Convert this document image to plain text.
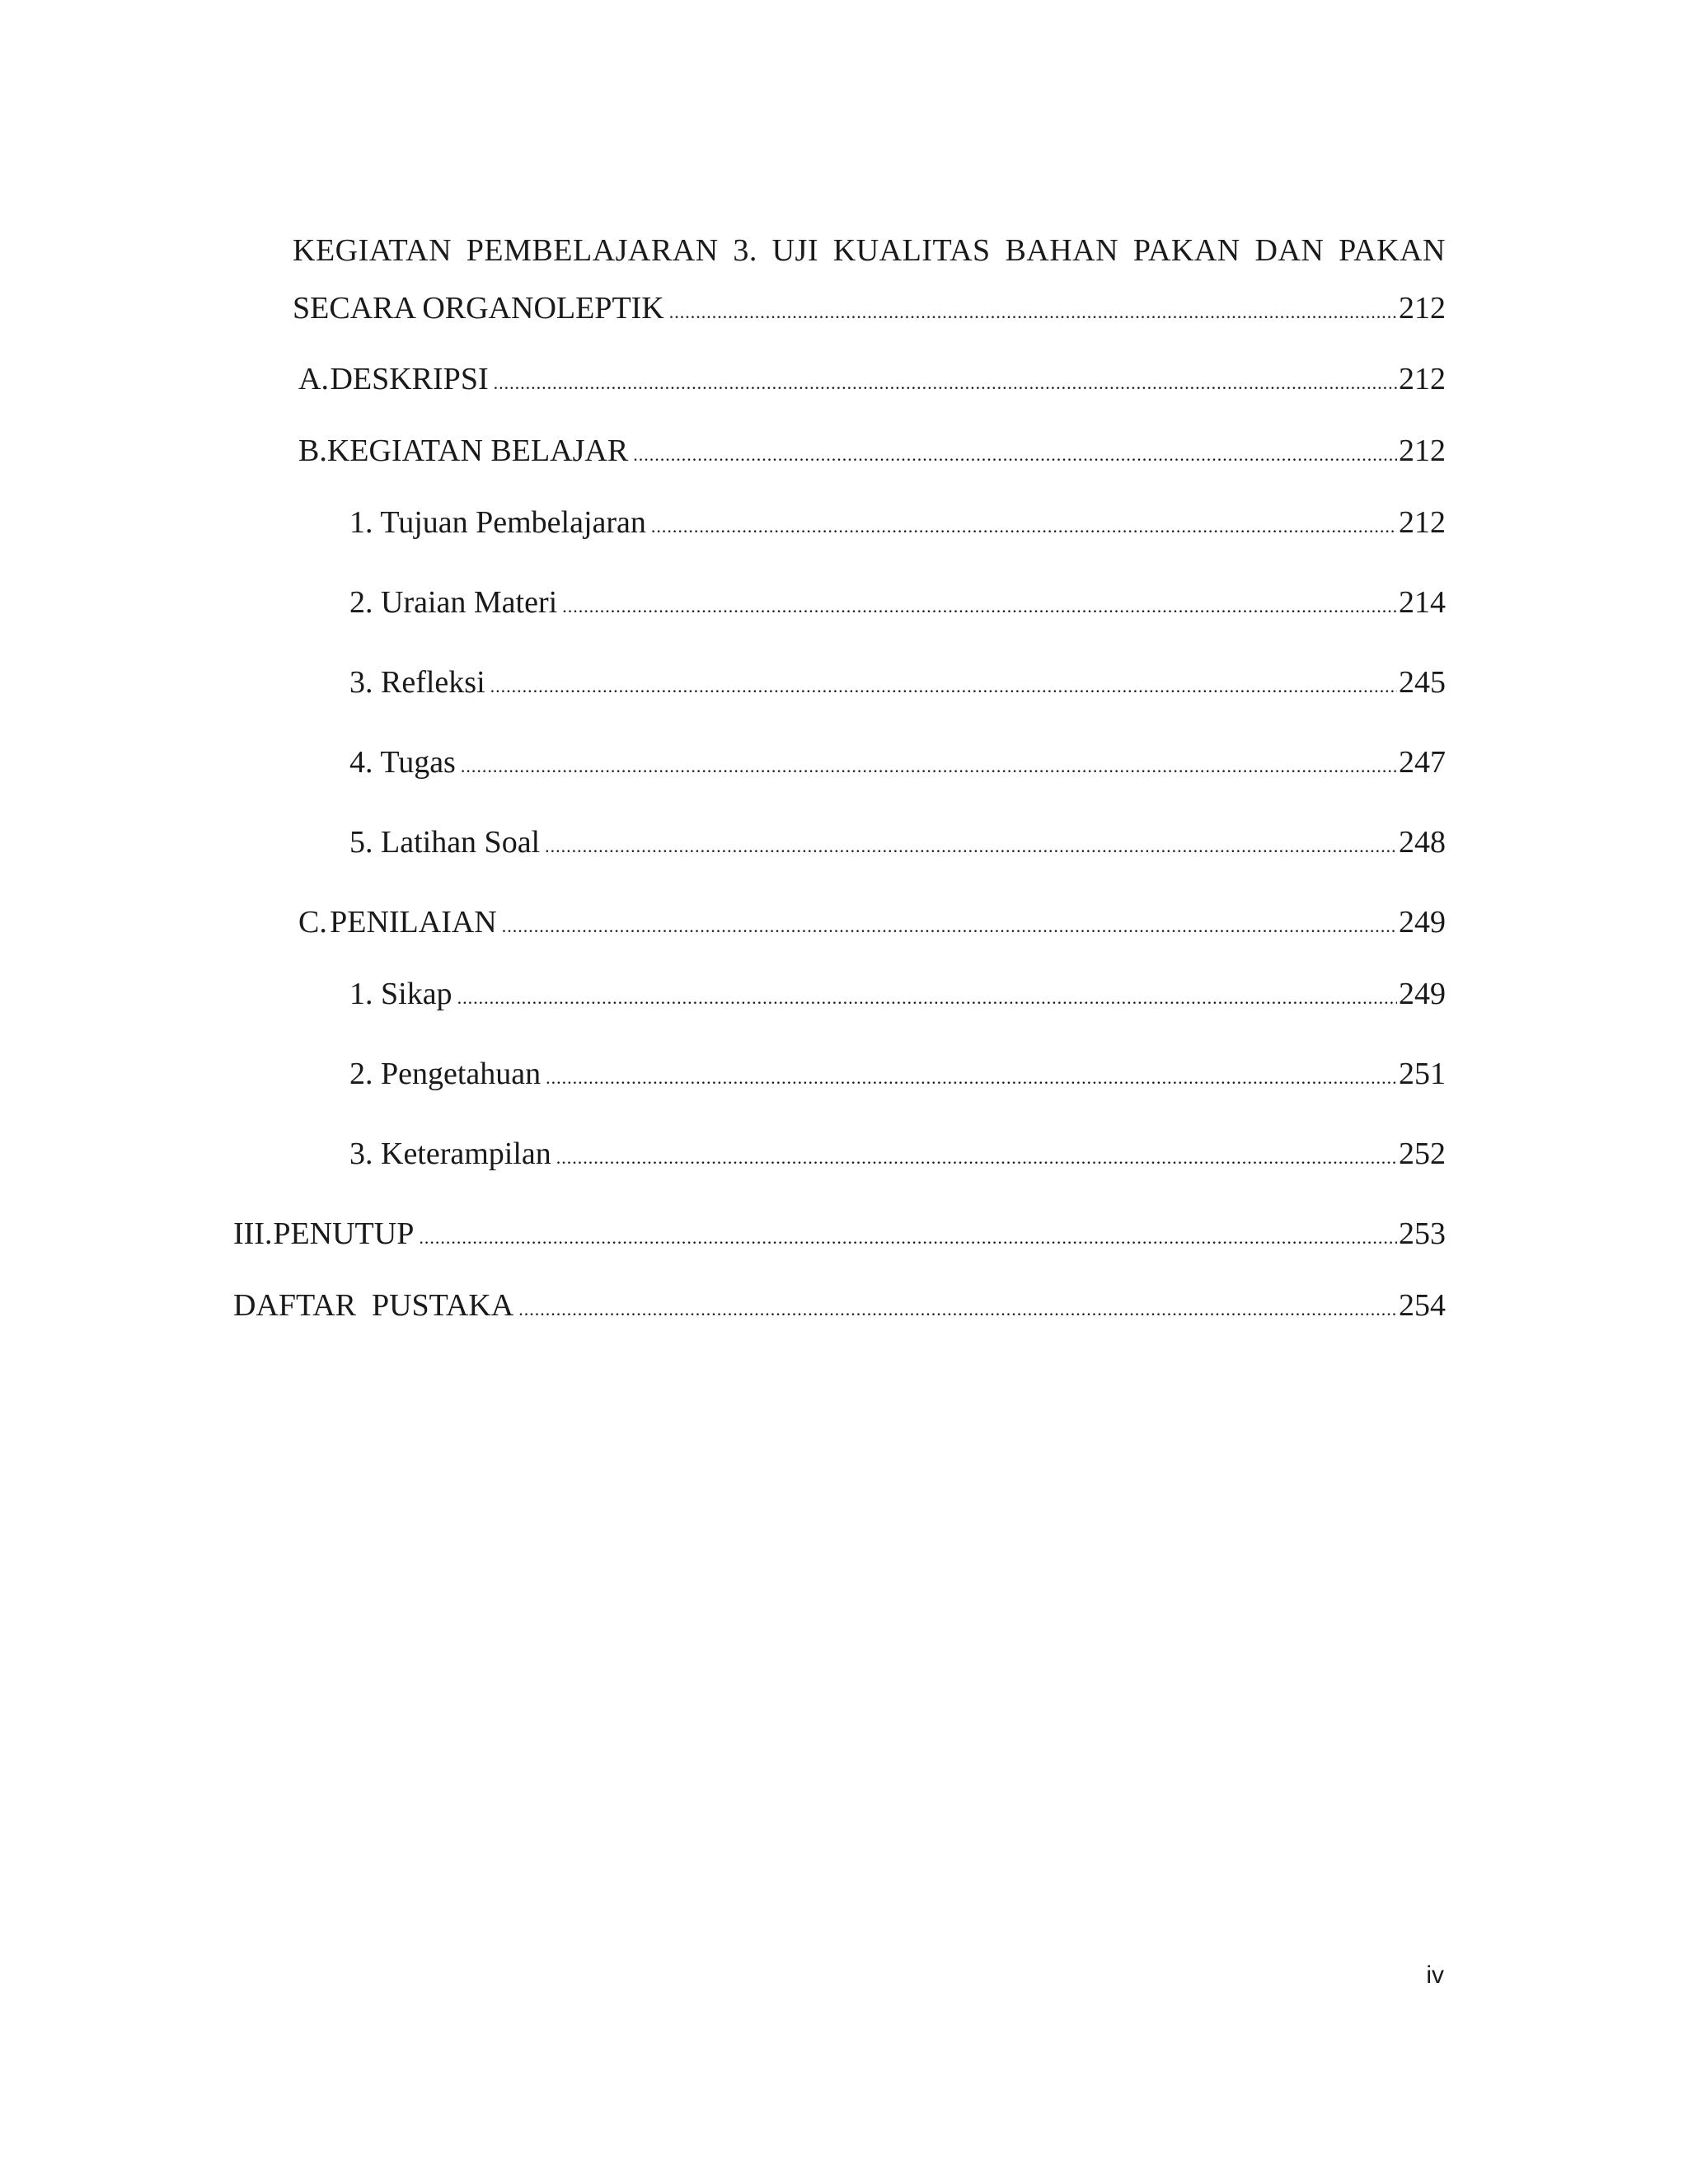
KEGIATAN PEMBELAJARAN 3. UJI KUALITAS BAHAN PAKAN DAN PAKAN
SECARA ORGANOLEPTIK .....	212
A. DESKRIPSI .....	212
B. KEGIATAN BELAJAR .....	212
1. Tujuan Pembelajaran .....	212
2. Uraian Materi .....	214
3. Refleksi .....	245
4. Tugas .....	247
5. Latihan Soal .....	248
C. PENILAIAN .....	249
1. Sikap .....	249
2. Pengetahuan .....	251
3. Keterampilan .....	252
III. PENUTUP .....	253
DAFTAR  PUSTAKA .....	254
iv
